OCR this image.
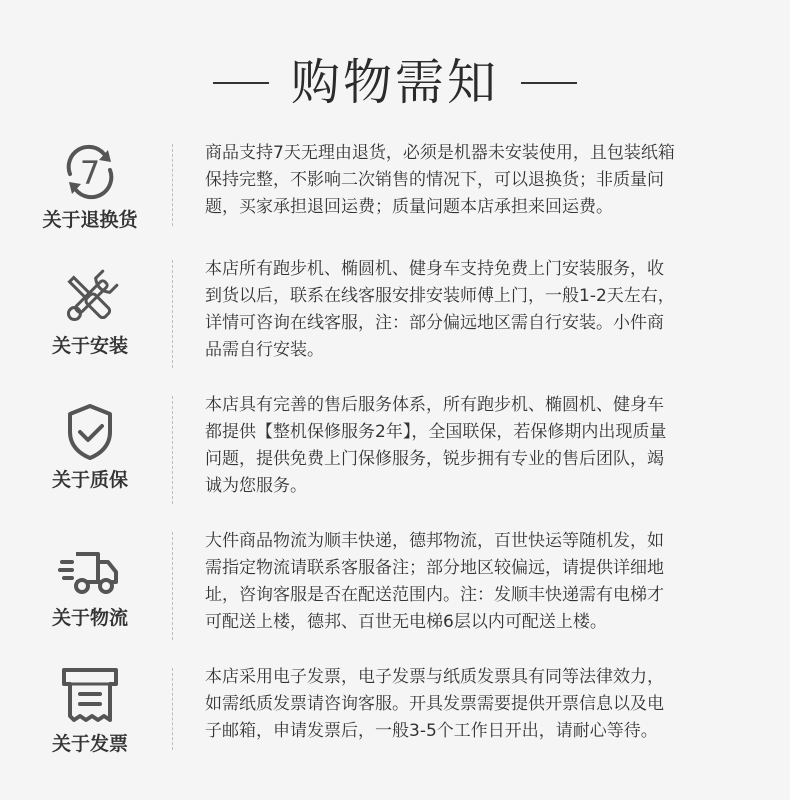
购物需知
7
关于退换货
商品支持7天无理由退货，必须是机器未安装使用，且包装纸箱
保持完整，不影响二次销售的情况下，可以退换货；非质量问
题，买家承担退回运费；质量问题本店承担来回运费。
关于安装
本店所有跑步机、椭圆机、健身车支持免费上门安装服务，收
到货以后，联系在线客服安排安装师傅上门，一般1-2天左右，
详情可咨询在线客服，注：部分偏远地区需自行安装。小件商
品需自行安装。
关于质保
本店具有完善的售后服务体系，所有跑步机、椭圆机、健身车
都提供【整机保修服务2年】，全国联保，若保修期内出现质量
问题，提供免费上门保修服务，锐步拥有专业的售后团队，竭
诚为您服务。
关于物流
大件商品物流为顺丰快递，德邦物流，百世快运等随机发，如
需指定物流请联系客服备注；部分地区较偏远，请提供详细地
址，咨询客服是否在配送范围内。注：发顺丰快递需有电梯才
可配送上楼，德邦、百世无电梯6层以内可配送上楼。
关于发票
本店采用电子发票，电子发票与纸质发票具有同等法律效力，
如需纸质发票请咨询客服。开具发票需要提供开票信息以及电
子邮箱，申请发票后，一般3-5个工作日开出，请耐心等待。
